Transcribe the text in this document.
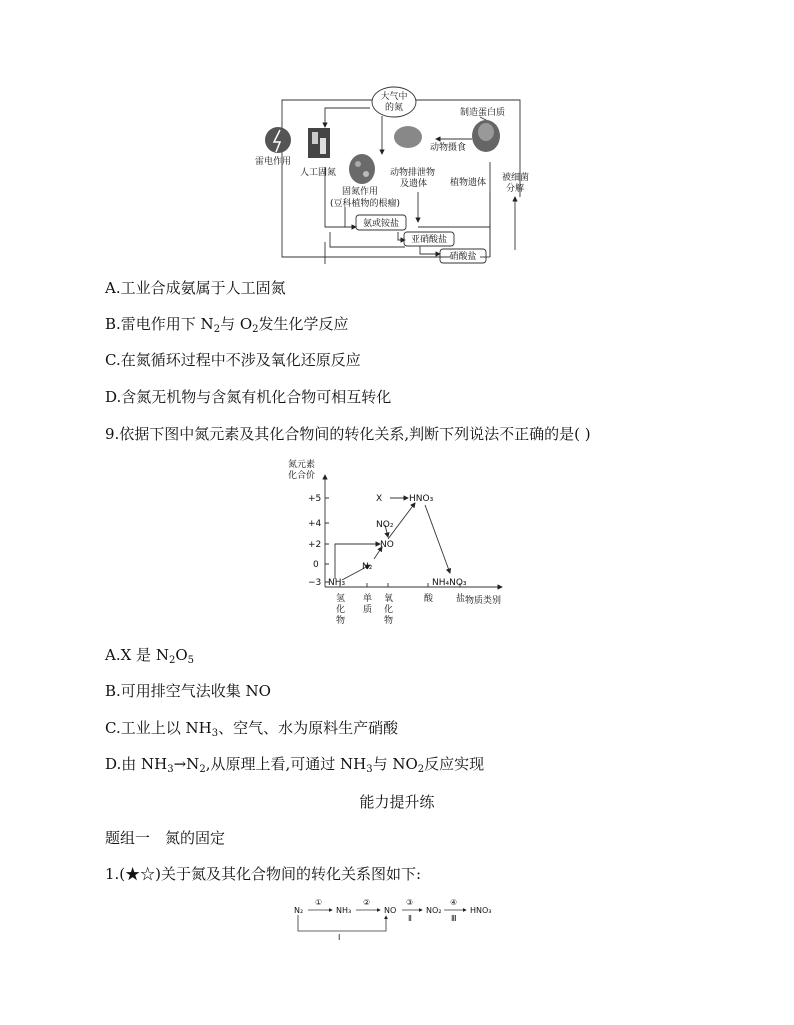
大气中
的氮
雷电作用
人工固氮
固氮作用
(豆科植物的根瘤)
制造蛋白质
动物摄食
动物排泄物
及遗体	植物遗体 被细菌
分解
氨或铵盐
亚硝酸盐
硝酸盐
A.工业合成氨属于人工固氮
B.雷电作用下 $N_2$与 $O_2$发生化学反应
C.在氮循环过程中不涉及氧化还原反应
D.含氮无机物与含氮有机化合物可相互转化
9.依据下图中氮元素及其化合物间的转化关系,判断下列说法不正确的是( )
氮元素
化合价
+5
+4
+2
0
−3
X	HNO₃
NO₂
NO
N₂
NH₃	NH₄NO₃
物质类别
氢化物
单质
氧化物
酸	盐
A.X 是 $N_2O_5$
B.可用排空气法收集 NO
C.工业上以 $NH_3$、空气、水为原料生产硝酸
D.由 $NH_3\to N_2$,从原理上看,可通过 $NH_3$与 $NO_2$反应实现
能力提升练
题组一　氮的固定
1.(★☆)关于氮及其化合物间的转化关系图如下:
N₂	NH₃	NO	NO₂	HNO₃
①	②	③	④
Ⅱ	Ⅲ
Ⅰ
